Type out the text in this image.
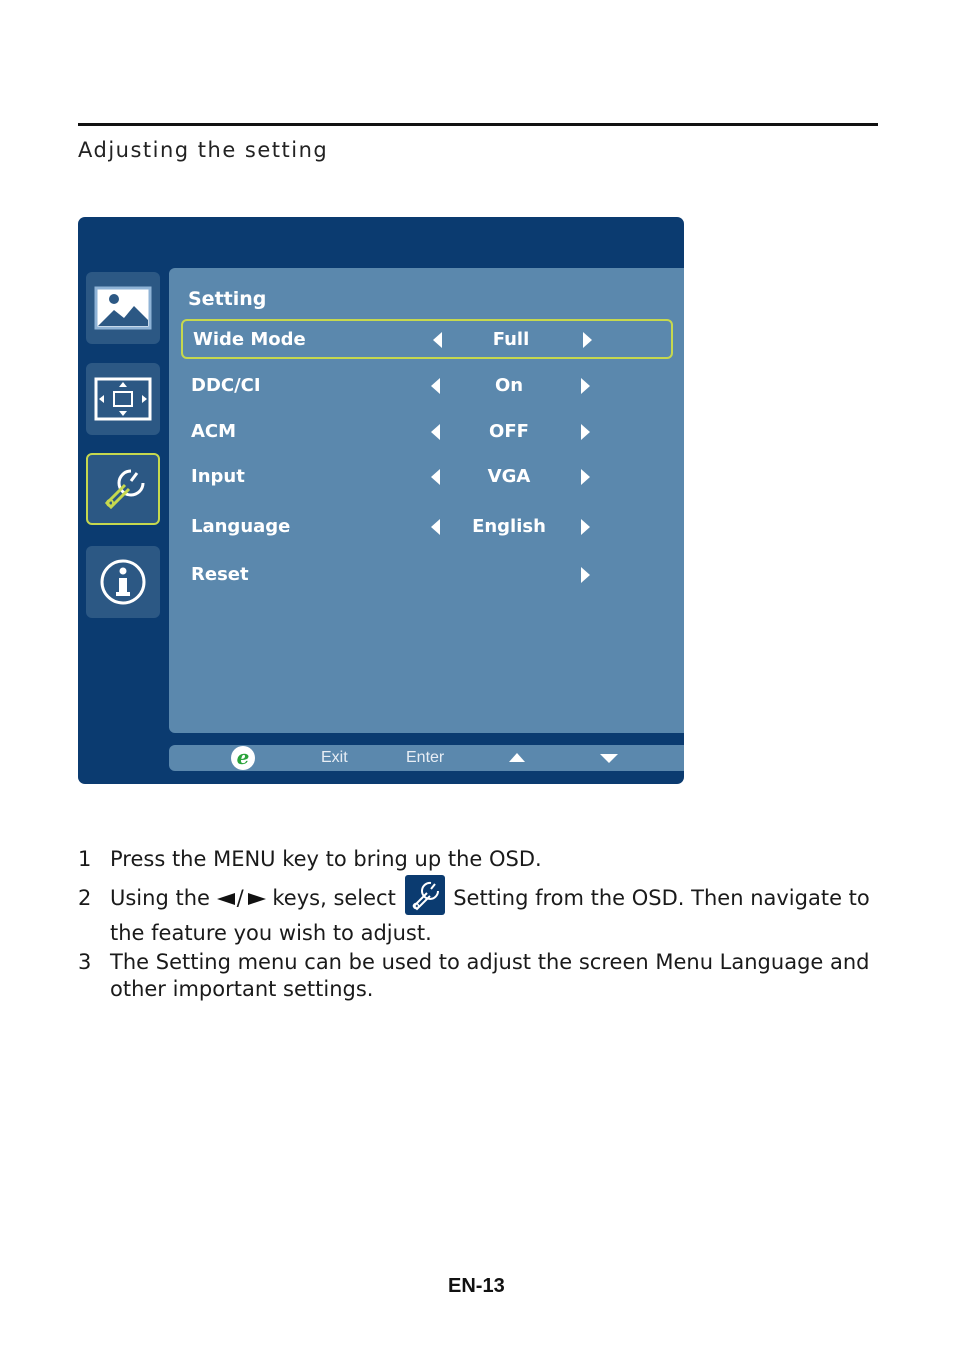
Adjusting the setting
Setting
Wide Mode	Full
DDC/CI	On
ACM	OFF
Input	VGA
Language	English
Reset
e	Exit	Enter
1 Press the MENU key to bring up the OSD.
2 Using the / keys, select	Setting from the OSD. Then navigate to the feature you wish to adjust.
3 The Setting menu can be used to adjust the screen Menu Language and other important settings.
EN-13
